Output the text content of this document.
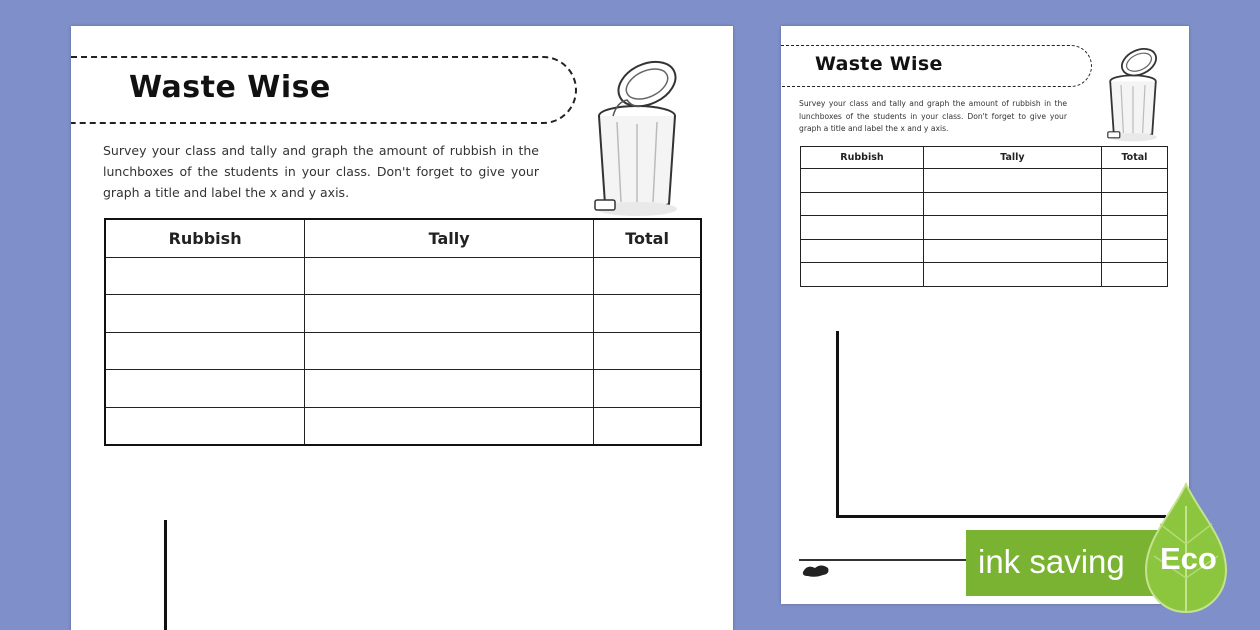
Waste Wise

Survey your class and tally and graph the amount of rubbish in the lunchboxes of the students in your class. Don't forget to give your graph a title and label the x and y axis.

Rubbish	Tally	Total

Waste Wise

Survey your class and tally and graph the amount of rubbish in the lunchboxes of the students in your class. Don't forget to give your graph a title and label the x and y axis.

Rubbish	Tally	Total

ink saving Eco
